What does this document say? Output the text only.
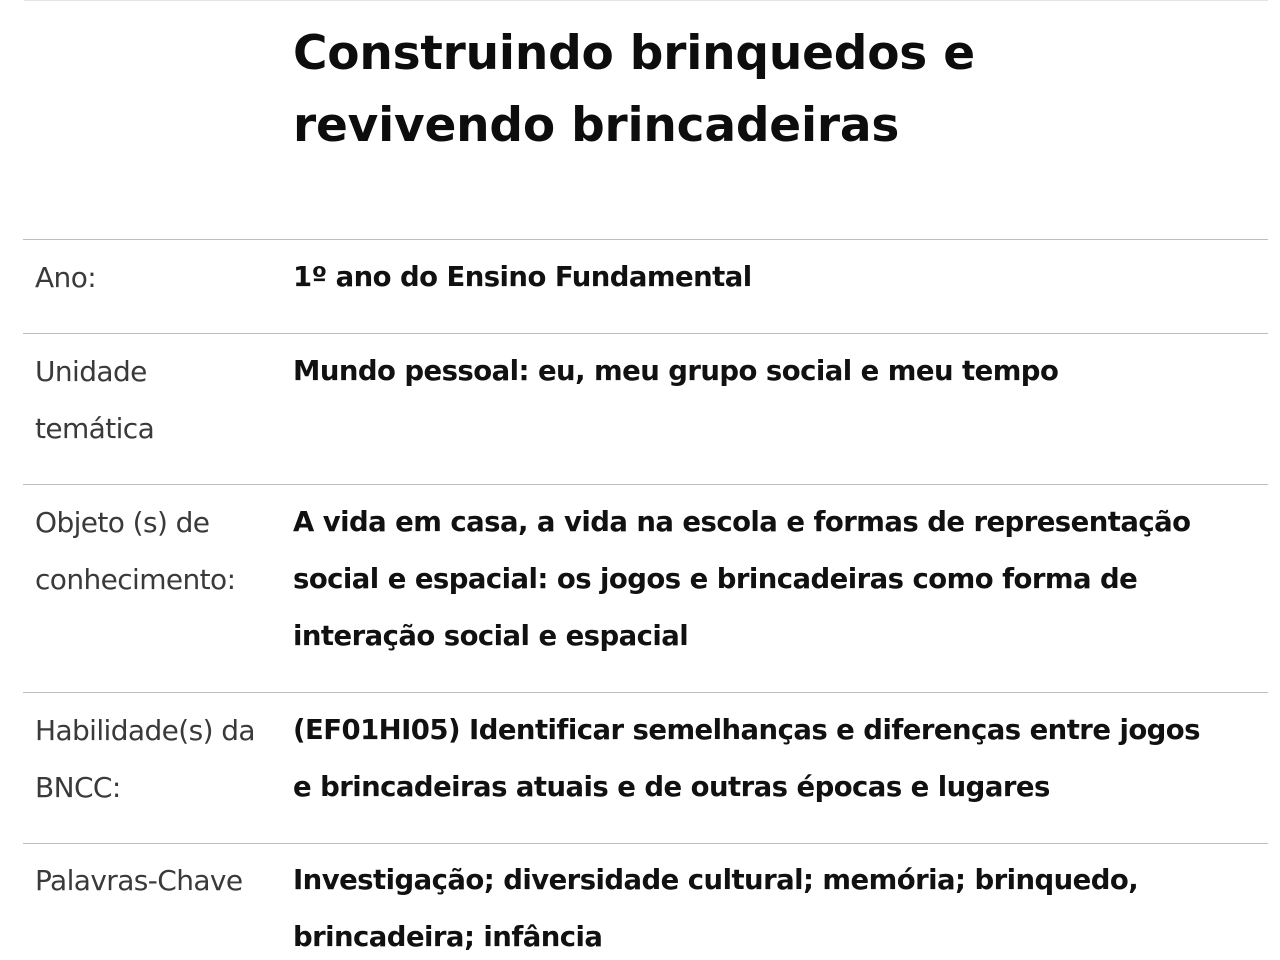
Construindo brinquedos e
revivendo brincadeiras
Ano:	1º ano do Ensino Fundamental
Unidade
temática
Mundo pessoal: eu, meu grupo social e meu tempo
Objeto (s) de
conhecimento:
A vida em casa, a vida na escola e formas de representação
social e espacial: os jogos e brincadeiras como forma de
interação social e espacial
Habilidade(s) da
BNCC:
(EF01HI05) Identificar semelhanças e diferenças entre jogos
e brincadeiras atuais e de outras épocas e lugares
Palavras-Chave	Investigação; diversidade cultural; memória; brinquedo,
brincadeira; infância
